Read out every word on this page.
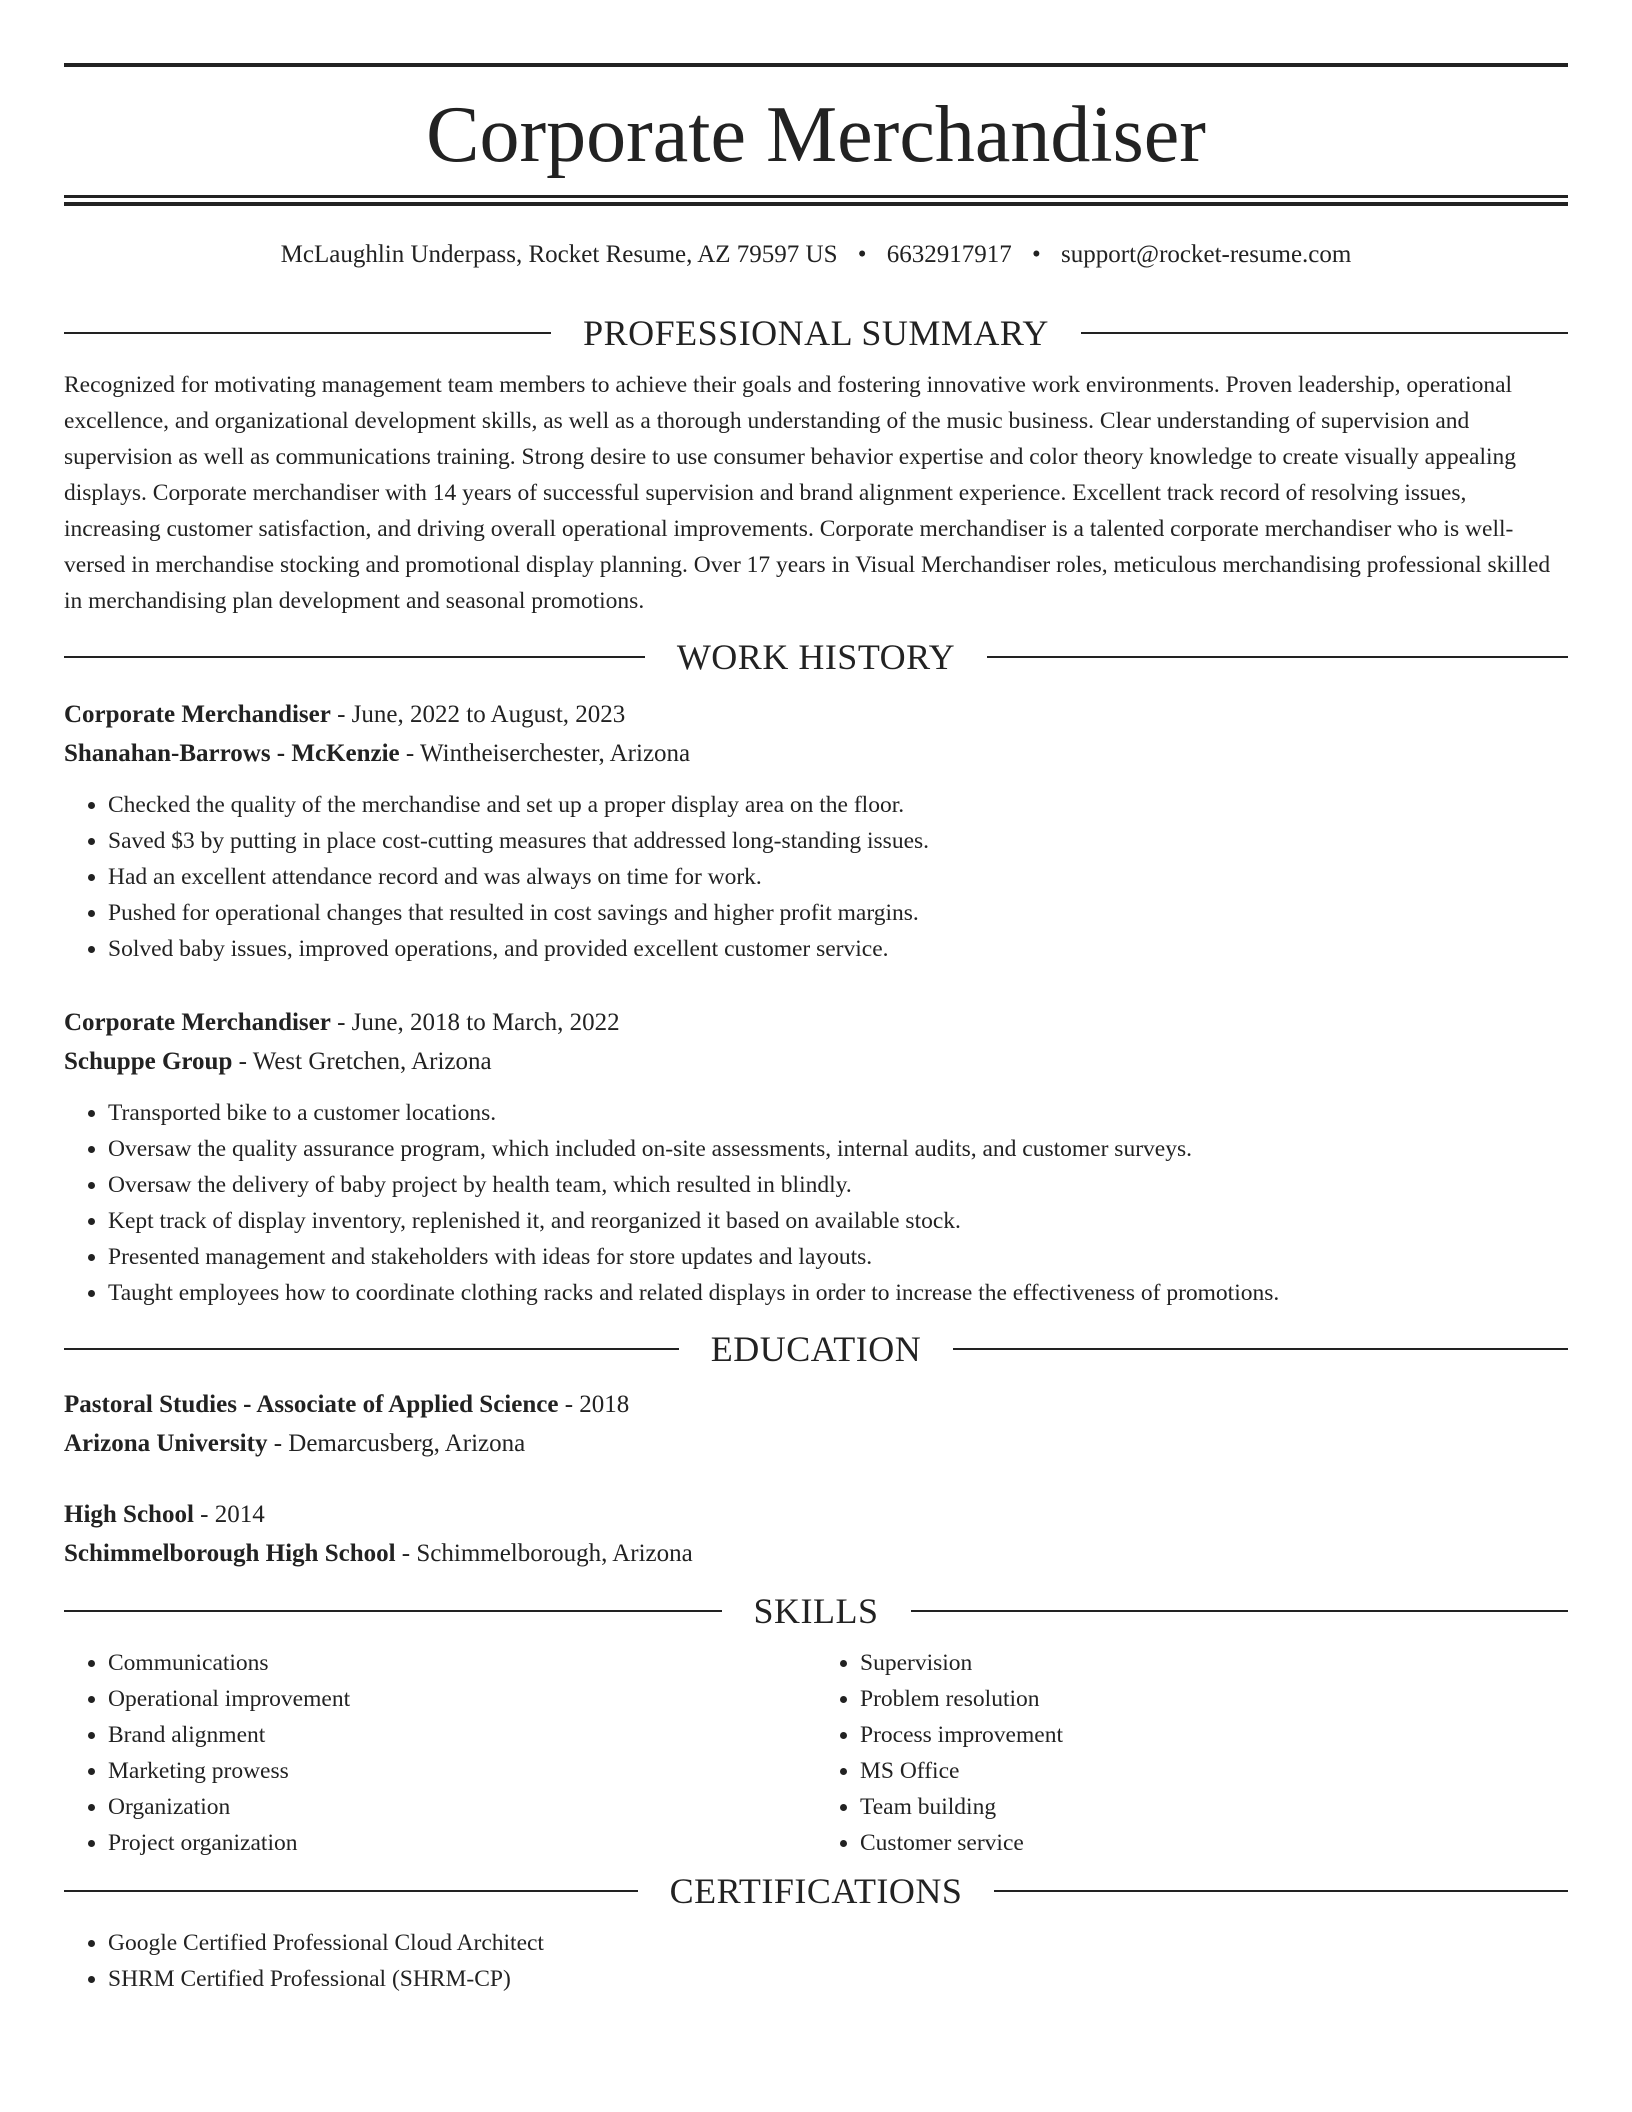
Corporate Merchandiser
McLaughlin Underpass, Rocket Resume, AZ 79597 US • 6632917917 • support@rocket-resume.com
PROFESSIONAL SUMMARY

Recognized for motivating management team members to achieve their goals and fostering innovative work environments. Proven leadership, operational excellence, and organizational development skills, as well as a thorough understanding of the music business. Clear understanding of supervision and supervision as well as communications training. Strong desire to use consumer behavior expertise and color theory knowledge to create visually appealing displays. Corporate merchandiser with 14 years of successful supervision and brand alignment experience. Excellent track record of resolving issues, increasing customer satisfaction, and driving overall operational improvements. Corporate merchandiser is a talented corporate merchandiser who is well-versed in merchandise stocking and promotional display planning. Over 17 years in Visual Merchandiser roles, meticulous merchandising professional skilled in merchandising plan development and seasonal promotions.

WORK HISTORY

Corporate Merchandiser - June, 2022 to August, 2023

Shanahan-Barrows - McKenzie - Wintheiserchester, Arizona

• Checked the quality of the merchandise and set up a proper display area on the floor.
• Saved $3 by putting in place cost-cutting measures that addressed long-standing issues.
• Had an excellent attendance record and was always on time for work.
• Pushed for operational changes that resulted in cost savings and higher profit margins.
• Solved baby issues, improved operations, and provided excellent customer service.

Corporate Merchandiser - June, 2018 to March, 2022

Schuppe Group - West Gretchen, Arizona

• Transported bike to a customer locations.
• Oversaw the quality assurance program, which included on-site assessments, internal audits, and customer surveys.
• Oversaw the delivery of baby project by health team, which resulted in blindly.
• Kept track of display inventory, replenished it, and reorganized it based on available stock.
• Presented management and stakeholders with ideas for store updates and layouts.
• Taught employees how to coordinate clothing racks and related displays in order to increase the effectiveness of promotions.
EDUCATION

Pastoral Studies - Associate of Applied Science - 2018

Arizona University - Demarcusberg, Arizona

High School - 2014

Schimmelborough High School - Schimmelborough, Arizona

SKILLS
• Communications
• Operational improvement
• Brand alignment
• Marketing prowess
• Organization
• Project organization
• Supervision
• Problem resolution
• Process improvement
• MS Office
• Team building
• Customer service
CERTIFICATIONS
• Google Certified Professional Cloud Architect
• SHRM Certified Professional (SHRM-CP)
